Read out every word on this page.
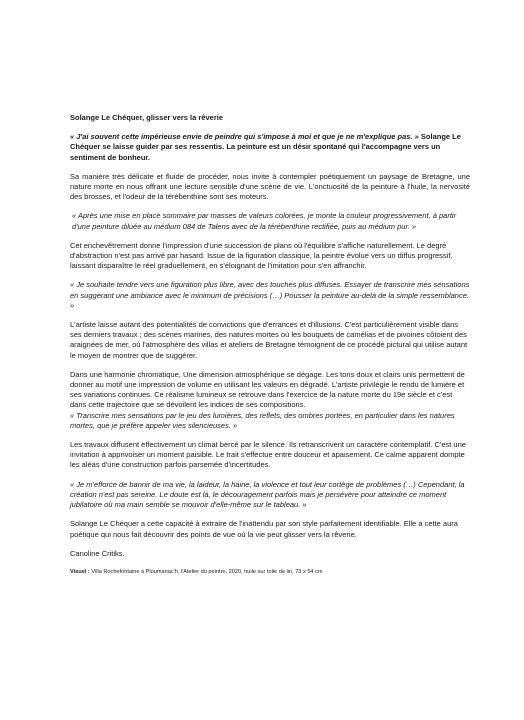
Solange Le Chéquer, glisser vers la rêverie

« J'ai souvent cette impérieuse envie de peindre qui s'impose à moi et que je ne m'explique pas. » Solange Le Chéquer se laisse guider par ses ressentis. La peinture est un désir spontané qui l'accompagne vers un sentiment de bonheur.

Sa manière très délicate et fluide de procéder, nous invite à contempler poétiquement un paysage de Bretagne, une nature morte en nous offrant une lecture sensible d'une scène de vie. L'onctuosité de la peinture à l'huile, la nervosité des brosses, et l'odeur de la térébenthine sont ses moteurs.

« Après une mise en place sommaire par masses de valeurs colorées, je monte la couleur progressivement, à partir d'une peinture diluée au médium 084 de Talens avec de la térébenthine rectifiée, puis au médium pur. »

Cet enchevêtrement donne l'impression d'une succession de plans où l'équilibre s'affiche naturellement. Le degré d'abstraction n'est pas arrivé par hasard. Issue de la figuration classique, la peintre évolue vers un diffus progressif, laissant disparaître le réel graduellement, en s'éloignant de l'imitation pour s'en affranchir.

« Je souhaite tendre vers une figuration plus libre, avec des touches plus diffuses. Essayer de transcrire mes sensations en suggérant une ambiance avec le minimum de précisions (…) Pousser la peinture au-delà de la simple ressemblance. »

L'artiste laisse autant des potentialités de convictions que d'errances et d'illusions. C'est particulièrement visible dans ses derniers travaux ; des scènes marines, des natures mortes où les bouquets de camélias et de pivoines côtoient des araignées de mer, où l'atmosphère des villas et ateliers de Bretagne témoignent de ce procédé pictural qui utilise autant le moyen de montrer que de suggérer.

Dans une harmonie chromatique, Une dimension atmosphérique se dégage. Les tons doux et clairs unis permettent de donner au motif une impression de volume en utilisant les valeurs en dégradé. L'artiste privilégie le rendu de lumière et ses variations continues. Ce réalisme lumineux se retrouve dans l'exercice de la nature morte du 19e siècle et c'est dans cette trajectoire que se dévoilent les indices de ses compositions.

« Transcrire mes sensations par le jeu des lumières, des reflets, des ombres portées, en particulier dans les natures mortes, que je préfère appeler vies silencieuses. »

Les travaux diffusent effectivement un climat bercé par le silence. Ils retranscrivent un caractère contemplatif. C'est une invitation à apprivoiser un moment paisible. Le trait s'effectue entre douceur et apaisement. Ce calme apparent dompte les aléas d'une construction parfois parsemée d'incertitudes.

« Je m'efforce de bannir de ma vie, la laideur, la haine, la violence et tout leur cortège de problèmes (…) Cependant, la création n'est pas sereine. Le doute est là, le découragement parfois mais je persévère pour atteindre ce moment jubilatoire où ma main semble se mouvoir d'elle-même sur le tableau. »

Solange Le Chéquer a cette capacité à extraire de l'inattendu par son style parfaitement identifiable. Elle a cette aura poétique qui nous fait découvrir des points de vue où la vie peut glisser vers la rêverie.

Canoline Critiks.

Visuel : Villa Rochefontaine à Ploumanac'h, l'Atelier du peintre, 2020, huile sur toile de lin, 73 x 54 cm
